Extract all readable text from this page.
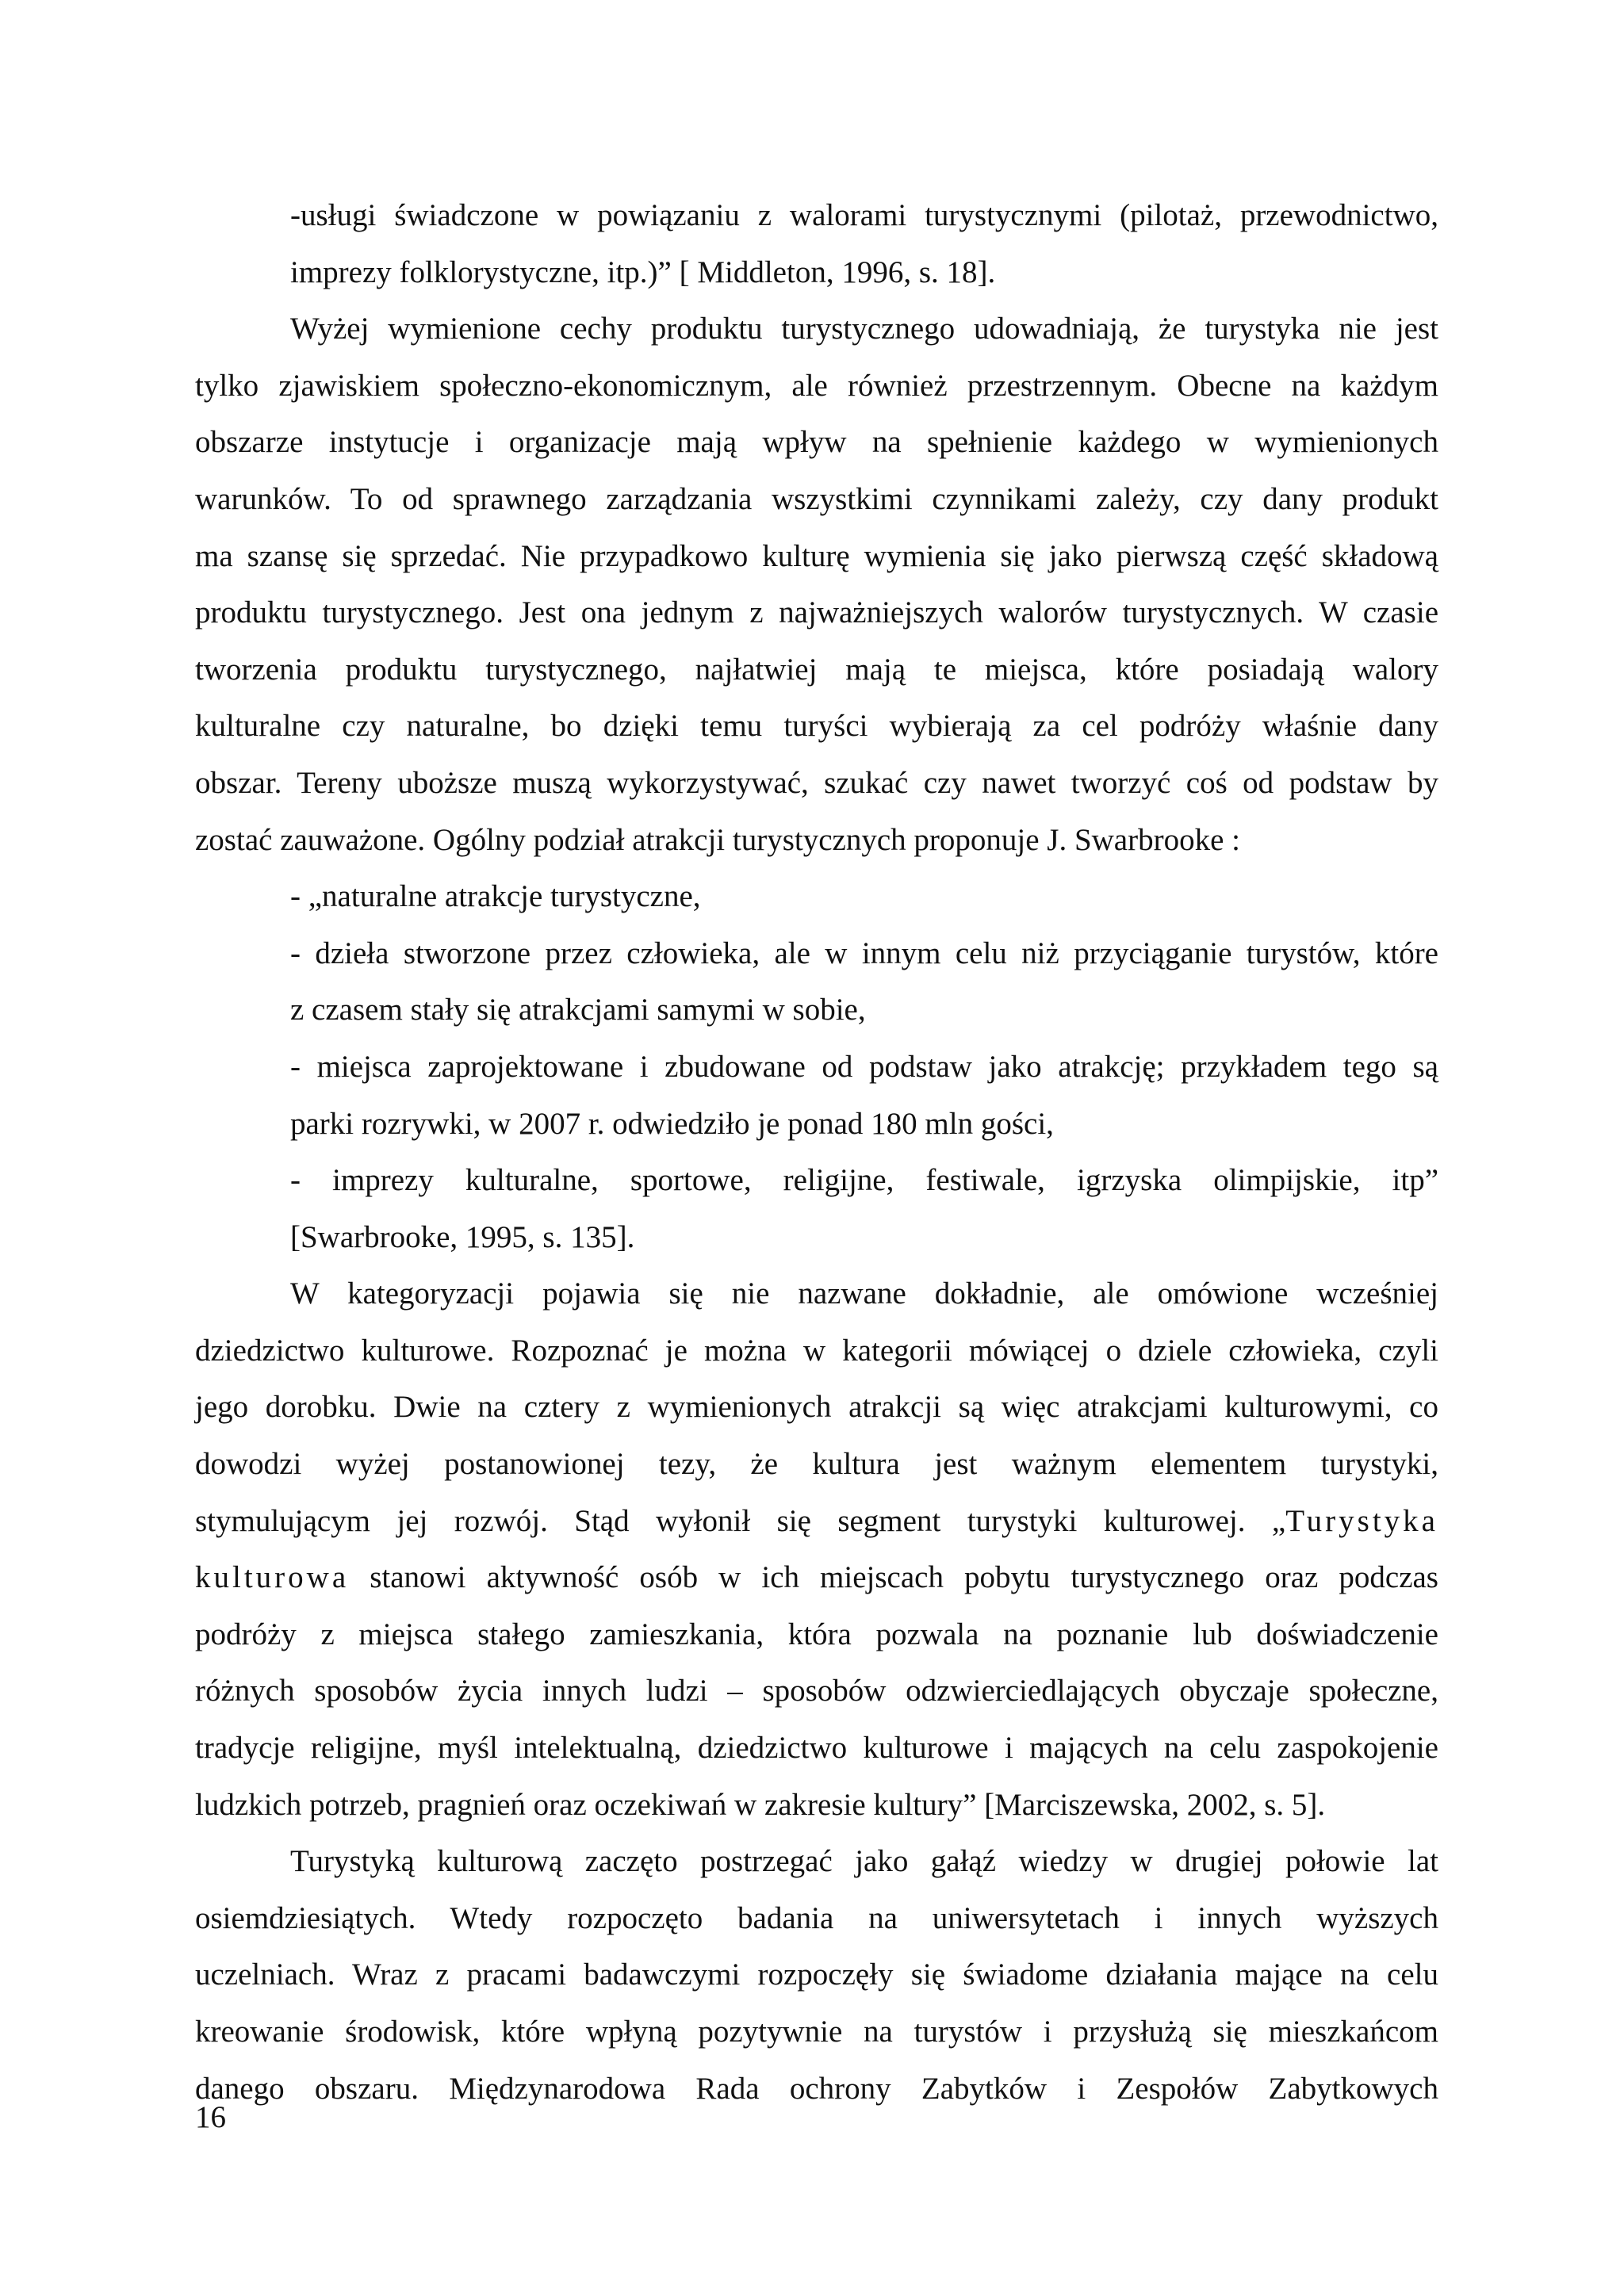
-usługi świadczone w powiązaniu z walorami turystycznymi (pilotaż, przewodnictwo,
imprezy folklorystyczne, itp.)” [ Middleton, 1996, s. 18].
Wyżej wymienione cechy produktu turystycznego udowadniają, że turystyka nie jest
tylko zjawiskiem społeczno-ekonomicznym, ale również przestrzennym. Obecne na każdym
obszarze instytucje i organizacje mają wpływ na spełnienie każdego w wymienionych
warunków. To od sprawnego zarządzania wszystkimi czynnikami zależy, czy dany produkt
ma szansę się sprzedać. Nie przypadkowo kulturę wymienia się jako pierwszą część składową
produktu turystycznego. Jest ona jednym z najważniejszych walorów turystycznych. W czasie
tworzenia produktu turystycznego, najłatwiej mają te miejsca, które posiadają walory
kulturalne czy naturalne, bo dzięki temu turyści wybierają za cel podróży właśnie dany
obszar. Tereny uboższe muszą wykorzystywać, szukać czy nawet tworzyć coś od podstaw by
zostać zauważone. Ogólny podział atrakcji turystycznych proponuje J. Swarbrooke :
- „naturalne atrakcje turystyczne,
- dzieła stworzone przez człowieka, ale w innym celu niż przyciąganie turystów, które
z czasem stały się atrakcjami samymi w sobie,
- miejsca zaprojektowane i zbudowane od podstaw jako atrakcję; przykładem tego są
parki rozrywki, w 2007 r. odwiedziło je ponad 180 mln gości,
- imprezy kulturalne, sportowe, religijne, festiwale, igrzyska olimpijskie, itp”
[Swarbrooke, 1995, s. 135].
W kategoryzacji pojawia się nie nazwane dokładnie, ale omówione wcześniej
dziedzictwo kulturowe. Rozpoznać je można w kategorii mówiącej o dziele człowieka, czyli
jego dorobku. Dwie na cztery z wymienionych atrakcji są więc atrakcjami kulturowymi, co
dowodzi wyżej postanowionej tezy, że kultura jest ważnym elementem turystyki,
stymulującym jej rozwój. Stąd wyłonił się segment turystyki kulturowej. „Turystyka
kulturowa stanowi aktywność osób w ich miejscach pobytu turystycznego oraz podczas
podróży z miejsca stałego zamieszkania, która pozwala na poznanie lub doświadczenie
różnych sposobów życia innych ludzi – sposobów odzwierciedlających obyczaje społeczne,
tradycje religijne, myśl intelektualną, dziedzictwo kulturowe i mających na celu zaspokojenie
ludzkich potrzeb, pragnień oraz oczekiwań w zakresie kultury” [Marciszewska, 2002, s. 5].
Turystyką kulturową zaczęto postrzegać jako gałąź wiedzy w drugiej połowie lat
osiemdziesiątych. Wtedy rozpoczęto badania na uniwersytetach i innych wyższych
uczelniach. Wraz z pracami badawczymi rozpoczęły się świadome działania mające na celu
kreowanie środowisk, które wpłyną pozytywnie na turystów i przysłużą się mieszkańcom
danego obszaru. Międzynarodowa Rada ochrony Zabytków i Zespołów Zabytkowych
16
